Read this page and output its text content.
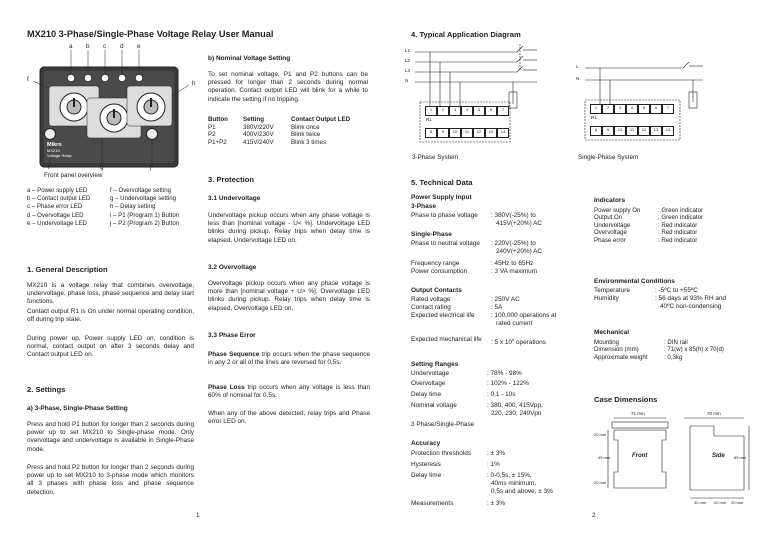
MX210 3-Phase/Single-Phase Voltage Relay User Manual
a b c d e
f
h
g
i	j
Mikro
MX210
Voltage Relay
Front panel overview
a – Power supply LED	f – Overvoltage setting
b – Contact output LED	g – Undervoltage setting
c – Phase error LED	h – Delay setting
d – Overvoltage LED	i – P1 (Program 1) Button
e – Undervoltage LED	j – P2 (Program 2) Button
1. General Description
MX210 is a voltage relay that combines overvoltage, undervoltage, phase loss, phase sequence and delay start functions.
Contact output R1 is On under normal operating condition, off during trip state.
During power up, Power supply LED on, condition is normal, contact output on after 3 seconds delay and Contact output LED on.
2. Settings
a) 3-Phase, Single-Phase Setting
Press and hold P1 button for longer than 2 seconds during power up to set MX210 to Single-phase mode. Only overvoltage and undervoltage is available in Single-Phase mode.
Press and hold P2 button for longer than 2 seconds during power up to set MX210 to 3-phase mode which monitors all 3 phases with phase loss and phase sequence detection.
b) Nominal Voltage Setting
To set nominal voltage, P1 and P2 buttons can be pressed for longer than 2 seconds during normal operation. Contact output LED will blink for a while to indicate the setting if no tripping.
Button	Setting	Contact Output LED
P1	380V/220V	Blink once
P2	400V/230V	Blink twice
P1+P2	415V/240V	Blink 3 times
3. Protection
3.1 Undervoltage
Undervoltage pickup occurs when any phase voltage is less than [nominal voltage - U< %]. Undervoltage LED blinks during pickup. Relay trips when delay time is elapsed, Undervoltage LED on.
3.2 Overvoltage
Overvoltage pickup occurs when any phase voltage is more than [nominal voltage + U> %]. Overvoltage LED blinks during pickup. Relay trips when delay time is elapsed, Overvoltage LED on.
3.3 Phase Error
Phase Sequence trip occurs when the phase sequence in any 2 or all of the lines are reversed for 0,5s.
Phase Loss trip occurs when any voltage is less than 60% of nominal for 0.5s.
When any of the above detected, relay trips and Phase error LED on.
1
4. Typical Application Diagram
L1
L2
L3
N
1	2	3	4	5	6	7
R1
8	9	10	11	12	13	14
3-Phase System
L
N
1	2	3	4	5	6	7
R1
8	9	10	11	12	13	14
Single-Phase System
5. Technical Data
Power Supply Input
3-Phase
Phase to phase voltage : 380V(-25%) to
415V(+20%) AC
Single-Phase
Phase to neutral voltage : 220V(-25%) to
240V(+20%) AC
Frequency range	: 45Hz to 65Hz
Power consumption	: 3 VA maximum
Output Contacts
Rated voltage	: 250V AC
Contact rating	: 5A
Expected electrical life	: 100,000 operations at
rated current
Expected mechanical life : 5 x $10^6$ operations
Setting Ranges
Undervoltage	: 78% - 98%
Overvoltage	: 102% - 122%
Delay time	: 0,1 - 10s
Nominal voltage	: 380, 400, 415Vpp,
220, 230, 240Vpn
3 Phase/Single-Phase
Accuracy
Protection thresholds : ± 3%
Hysteresis	: 1%
Delay time	: 0-0,5s, ± 15%,
40ms minimum,
0,5s and above, ± 3%
Measurements	: ± 3%
2
Indicators
Power supply On	: Green indicator
Output On	: Green indicator
Undervoltage	: Red indicator
Overvoltage	: Red indicator
Phase error	: Red indicator
Environmental Conditions
Temperature	: -5ºC to +55ºC
Humidity	: 56 days at 93% RH and
40ºC non-condensing
Mechanical
Mounting	: DIN rail
Dimension (mm)	: 71(w) x 85(h) x 70(d)
Approximate weight	: 0,3kg
Case Dimensions
71 mm	70 mm
Front	Side
20 mm
45 mm
20 mm
85 mm
30 mm 20 mm 20 mm
